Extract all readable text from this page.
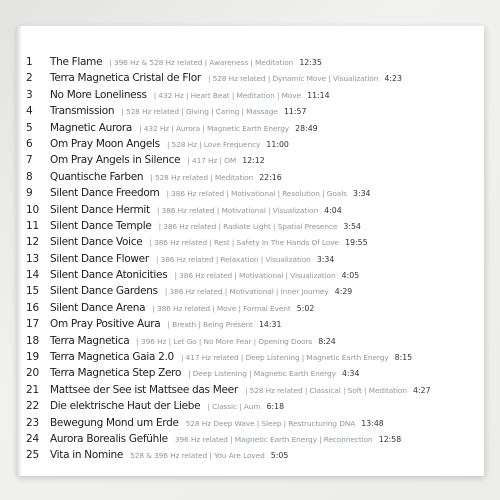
1 The Flame | 396 Hz & 528 Hz related | Awareness | Meditation 12:35
2 Terra Magnetica Cristal de Flor | 528 Hz related | Dynamic Move | Visualization 4:23
3 No More Loneliness | 432 Hz | Heart Beat | Meditation | Move 11:14
4 Transmission | 528 Hz related | Giving | Caring | Massage 11:57
5 Magnetic Aurora | 432 Hz | Aurora | Magnetic Earth Energy 28:49
6 Om Pray Moon Angels | 528 Hz | Love Frequency 11:00
7 Om Pray Angels in Silence | 417 Hz | OM 12:12
8 Quantische Farben | 528 Hz related | Meditation 22:16
9 Silent Dance Freedom | 386 Hz related | Motivational | Resolution | Goals 3:34
10 Silent Dance Hermit | 386 Hz related | Motivational | Visualization 4:04
11 Silent Dance Temple | 386 Hz related | Radiate Light | Spatial Presence 3:54
12 Silent Dance Voice | 386 Hz related | Rest | Safety In The Hands Of Love 19:55
13 Silent Dance Flower | 386 Hz related | Relaxation | Visualization 3:34
14 Silent Dance Atonicities | 386 Hz related | Motivational | Visualization 4:05
15 Silent Dance Gardens | 386 Hz related | Motivational | Inner Journey 4:29
16 Silent Dance Arena | 386 Hz related | Move | Formal Event 5:02
17 Om Pray Positive Aura | Breath | Being Present 14:31
18 Terra Magnetica | 396 Hz | Let Go | No More Fear | Opening Doors 8:24
19 Terra Magnetica Gaia 2.0 | 417 Hz related | Deep Listening | Magnetic Earth Energy 8:15
20 Terra Magnetica Step Zero | Deep Listening | Magnetic Earth Energy 4:34
21 Mattsee der See ist Mattsee das Meer | 528 Hz related | Classical | Soft | Meditation 4:27
22 Die elektrische Haut der Liebe | Classic | Aum 6:18
23 Bewegung Mond um Erde 528 Hz Deep Wave | Sleep | Restructuring DNA 13:48
24 Aurora Borealis Gefühle 396 Hz related | Magnetic Earth Energy | Reconnection 12:58
25 Vita in Nomine 528 & 396 Hz related | You Are Loved 5:05
